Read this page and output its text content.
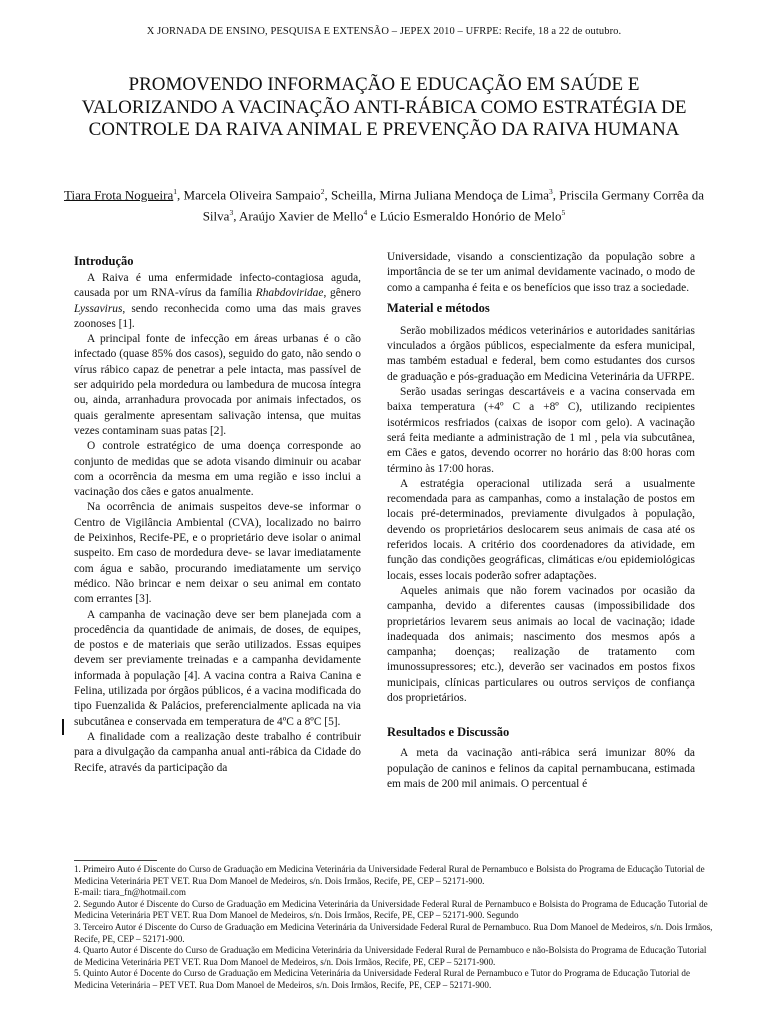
X JORNADA DE ENSINO, PESQUISA E EXTENSÃO – JEPEX 2010 – UFRPE: Recife, 18 a 22 de outubro.
PROMOVENDO INFORMAÇÃO E EDUCAÇÃO EM SAÚDE E VALORIZANDO A VACINAÇÃO ANTI-RÁBICA COMO ESTRATÉGIA DE CONTROLE DA RAIVA ANIMAL E PREVENÇÃO DA RAIVA HUMANA
Tiara Frota Nogueira$^1$, Marcela Oliveira Sampaio$^2$, Scheilla, Mirna Juliana Mendoça de Lima$^3$, Priscila Germany Corrêa da Silva$^3$, Araújo Xavier de Mello$^4$ e Lúcio Esmeraldo Honório de Melo$^5$
Introdução

A Raiva é uma enfermidade infecto-contagiosa aguda, causada por um RNA-vírus da família Rhabdoviridae, gênero Lyssavirus, sendo reconhecida como uma das mais graves zoonoses [1].

A principal fonte de infecção em áreas urbanas é o cão infectado (quase 85% dos casos), seguido do gato, não sendo o vírus rábico capaz de penetrar a pele intacta, mas passível de ser adquirido pela mordedura ou lambedura de mucosa íntegra ou, ainda, arranhadura provocada por animais infectados, os quais geralmente apresentam salivação intensa, que muitas vezes contaminam suas patas [2].

O controle estratégico de uma doença corresponde ao conjunto de medidas que se adota visando diminuir ou acabar com a ocorrência da mesma em uma região e isso inclui a vacinação dos cães e gatos anualmente.

Na ocorrência de animais suspeitos deve-se informar o Centro de Vigilância Ambiental (CVA), localizado no bairro de Peixinhos, Recife-PE, e o proprietário deve isolar o animal suspeito. Em caso de mordedura deve- se lavar imediatamente com água e sabão, procurando imediatamente um serviço médico. Não brincar e nem deixar o seu animal em contato com errantes [3].

A campanha de vacinação deve ser bem planejada com a procedência da quantidade de animais, de doses, de equipes, de postos e de materiais que serão utilizados. Essas equipes devem ser previamente treinadas e a campanha devidamente informada à população [4]. A vacina contra a Raiva Canina e Felina, utilizada por órgãos públicos, é a vacina modificada do tipo Fuenzalida & Palácios, preferencialmente aplicada na via subcutânea e conservada em temperatura de 4ºC a 8ºC [5].

A finalidade com a realização deste trabalho é contribuir para a divulgação da campanha anual anti-rábica da Cidade do Recife, através da participação da

Universidade, visando a conscientização da população sobre a importância de se ter um animal devidamente vacinado, o modo de como a campanha é feita e os benefícios que isso traz a sociedade.

Material e métodos

Serão mobilizados médicos veterinários e autoridades sanitárias vinculados a órgãos públicos, especialmente da esfera municipal, mas também estadual e federal, bem como estudantes dos cursos de graduação e pós-graduação em Medicina Veterinária da UFRPE.

Serão usadas seringas descartáveis e a vacina conservada em baixa temperatura (+4º C a +8º C), utilizando recipientes isotérmicos resfriados (caixas de isopor com gelo). A vacinação será feita mediante a administração de 1 ml , pela via subcutânea, em Cães e gatos, devendo ocorrer no horário das 8:00 horas com término às 17:00 horas.

A estratégia operacional utilizada será a usualmente recomendada para as campanhas, como a instalação de postos em locais pré-determinados, previamente divulgados à população, devendo os proprietários deslocarem seus animais de casa até os referidos locais. A critério dos coordenadores da atividade, em função das condições geográficas, climáticas e/ou epidemiológicas locais, esses locais poderão sofrer adaptações.

Aqueles animais que não forem vacinados por ocasião da campanha, devido a diferentes causas (impossibilidade dos proprietários levarem seus animais ao local de vacinação; idade inadequada dos animais; nascimento dos mesmos após a campanha; doenças; realização de tratamento com imunossupressores; etc.), deverão ser vacinados em postos fixos municipais, clínicas particulares ou outros serviços de confiança dos proprietários.

Resultados e Discussão

A meta da vacinação anti-rábica será imunizar 80% da população de caninos e felinos da capital pernambucana, estimada em mais de 200 mil animais. O percentual é

1. Primeiro Auto é Discente do Curso de Graduação em Medicina Veterinária da Universidade Federal Rural de Pernambuco e Bolsista do Programa de Educação Tutorial de Medicina Veterinária PET VET. Rua Dom Manoel de Medeiros, s/n. Dois Irmãos, Recife, PE, CEP – 52171-900.
E-mail: tiara_fn@hotmail.com
2. Segundo Autor é Discente do Curso de Graduação em Medicina Veterinária da Universidade Federal Rural de Pernambuco e Bolsista do Programa de Educação Tutorial de Medicina Veterinária PET VET. Rua Dom Manoel de Medeiros, s/n. Dois Irmãos, Recife, PE, CEP – 52171-900. Segundo
3. Terceiro Autor é Discente do Curso de Graduação em Medicina Veterinária da Universidade Federal Rural de Pernambuco. Rua Dom Manoel de Medeiros, s/n. Dois Irmãos, Recife, PE, CEP – 52171-900.
4. Quarto Autor é Discente do Curso de Graduação em Medicina Veterinária da Universidade Federal Rural de Pernambuco e não-Bolsista do Programa de Educação Tutorial de Medicina Veterinária PET VET. Rua Dom Manoel de Medeiros, s/n. Dois Irmãos, Recife, PE, CEP – 52171-900.
5. Quinto Autor é Docente do Curso de Graduação em Medicina Veterinária da Universidade Federal Rural de Pernambuco e Tutor do Programa de Educação Tutorial de Medicina Veterinária – PET VET. Rua Dom Manoel de Medeiros, s/n. Dois Irmãos, Recife, PE, CEP – 52171-900.
